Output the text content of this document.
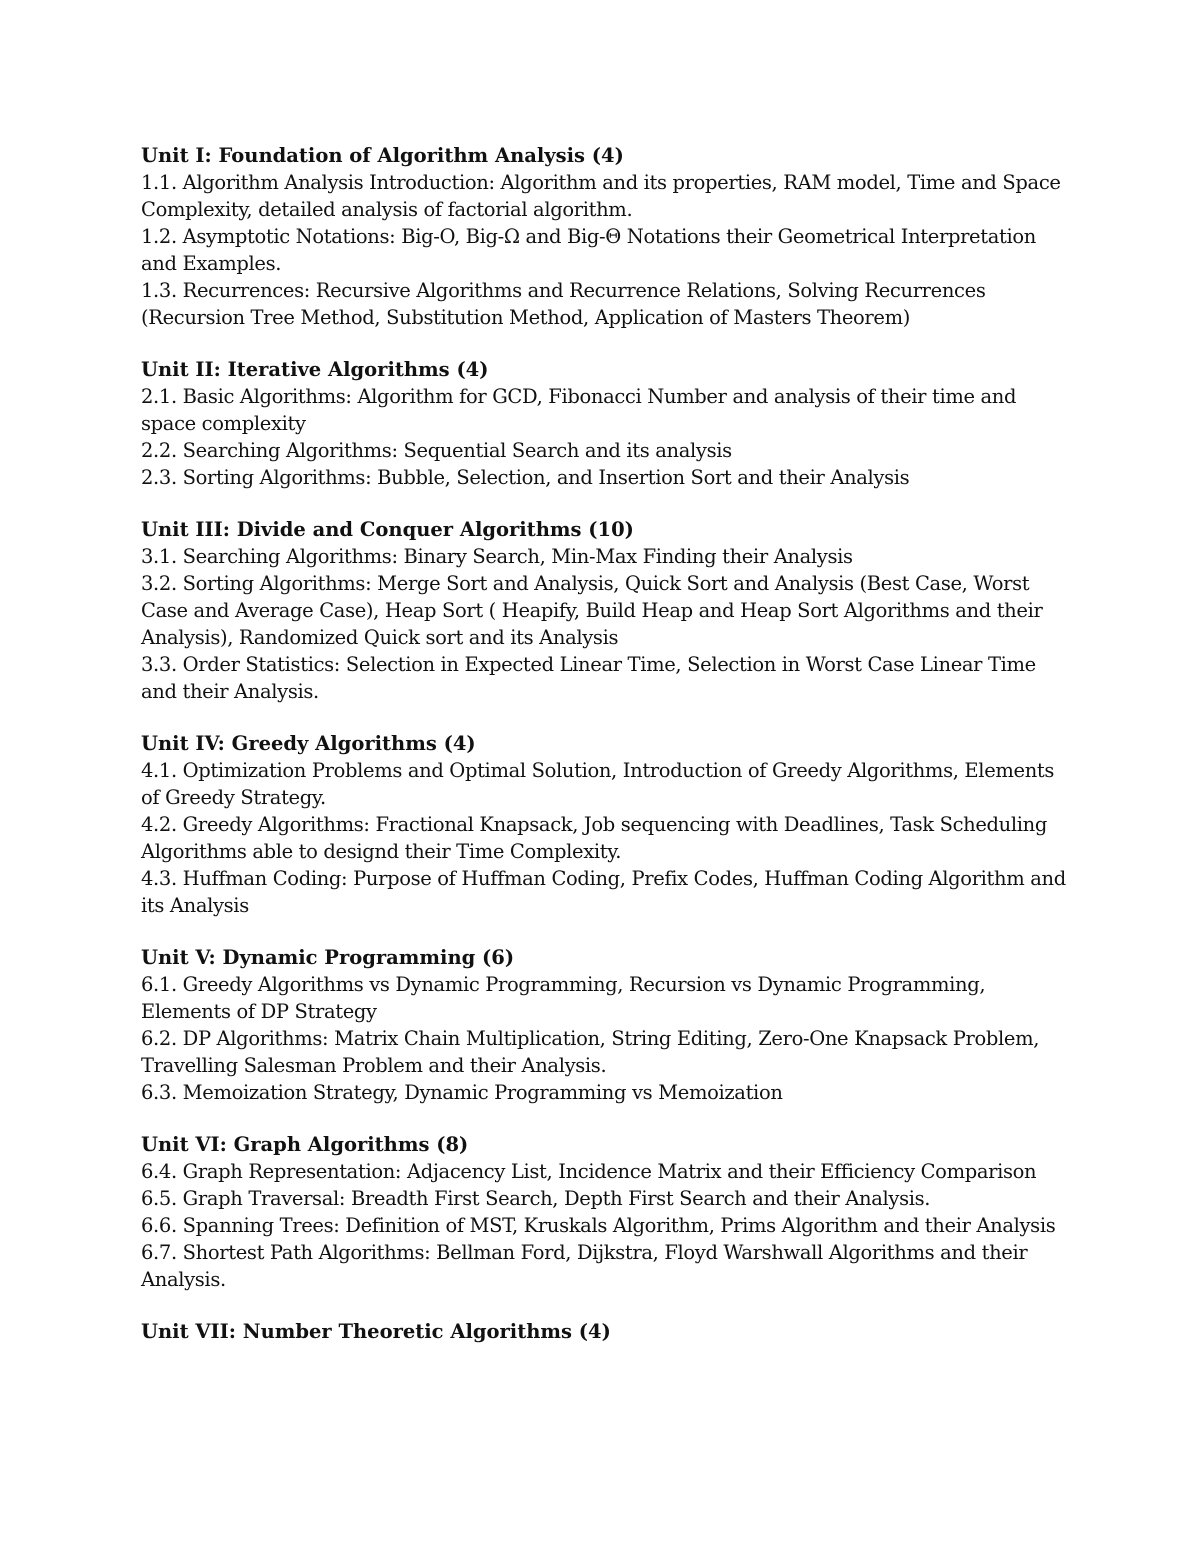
Unit I: Foundation of Algorithm Analysis (4)
1.1. Algorithm Analysis Introduction: Algorithm and its properties, RAM model, Time and Space Complexity, detailed analysis of factorial algorithm.
1.2. Asymptotic Notations: Big-O, Big-Ω and Big-Θ Notations their Geometrical Interpretation and Examples.
1.3. Recurrences: Recursive Algorithms and Recurrence Relations, Solving Recurrences (Recursion Tree Method, Substitution Method, Application of Masters Theorem)
Unit II: Iterative Algorithms (4)
2.1. Basic Algorithms: Algorithm for GCD, Fibonacci Number and analysis of their time and space complexity
2.2. Searching Algorithms: Sequential Search and its analysis
2.3. Sorting Algorithms: Bubble, Selection, and Insertion Sort and their Analysis
Unit III: Divide and Conquer Algorithms (10)
3.1. Searching Algorithms: Binary Search, Min-Max Finding their Analysis
3.2. Sorting Algorithms: Merge Sort and Analysis, Quick Sort and Analysis (Best Case, Worst Case and Average Case), Heap Sort ( Heapify, Build Heap and Heap Sort Algorithms and their Analysis), Randomized Quick sort and its Analysis
3.3. Order Statistics: Selection in Expected Linear Time, Selection in Worst Case Linear Time and their Analysis.
Unit IV: Greedy Algorithms (4)
4.1. Optimization Problems and Optimal Solution, Introduction of Greedy Algorithms, Elements of Greedy Strategy.
4.2. Greedy Algorithms: Fractional Knapsack, Job sequencing with Deadlines, Task Scheduling Algorithms able to designd their Time Complexity.
4.3. Huffman Coding: Purpose of Huffman Coding, Prefix Codes, Huffman Coding Algorithm and its Analysis
Unit V: Dynamic Programming (6)
6.1. Greedy Algorithms vs Dynamic Programming, Recursion vs Dynamic Programming, Elements of DP Strategy
6.2. DP Algorithms: Matrix Chain Multiplication, String Editing, Zero-One Knapsack Problem, Travelling Salesman Problem and their Analysis.
6.3. Memoization Strategy, Dynamic Programming vs Memoization
Unit VI: Graph Algorithms (8)
6.4. Graph Representation: Adjacency List, Incidence Matrix and their Efficiency Comparison
6.5. Graph Traversal: Breadth First Search, Depth First Search and their Analysis.
6.6. Spanning Trees: Definition of MST, Kruskals Algorithm, Prims Algorithm and their Analysis
6.7. Shortest Path Algorithms: Bellman Ford, Dijkstra, Floyd Warshwall Algorithms and their Analysis.
Unit VII: Number Theoretic Algorithms (4)
